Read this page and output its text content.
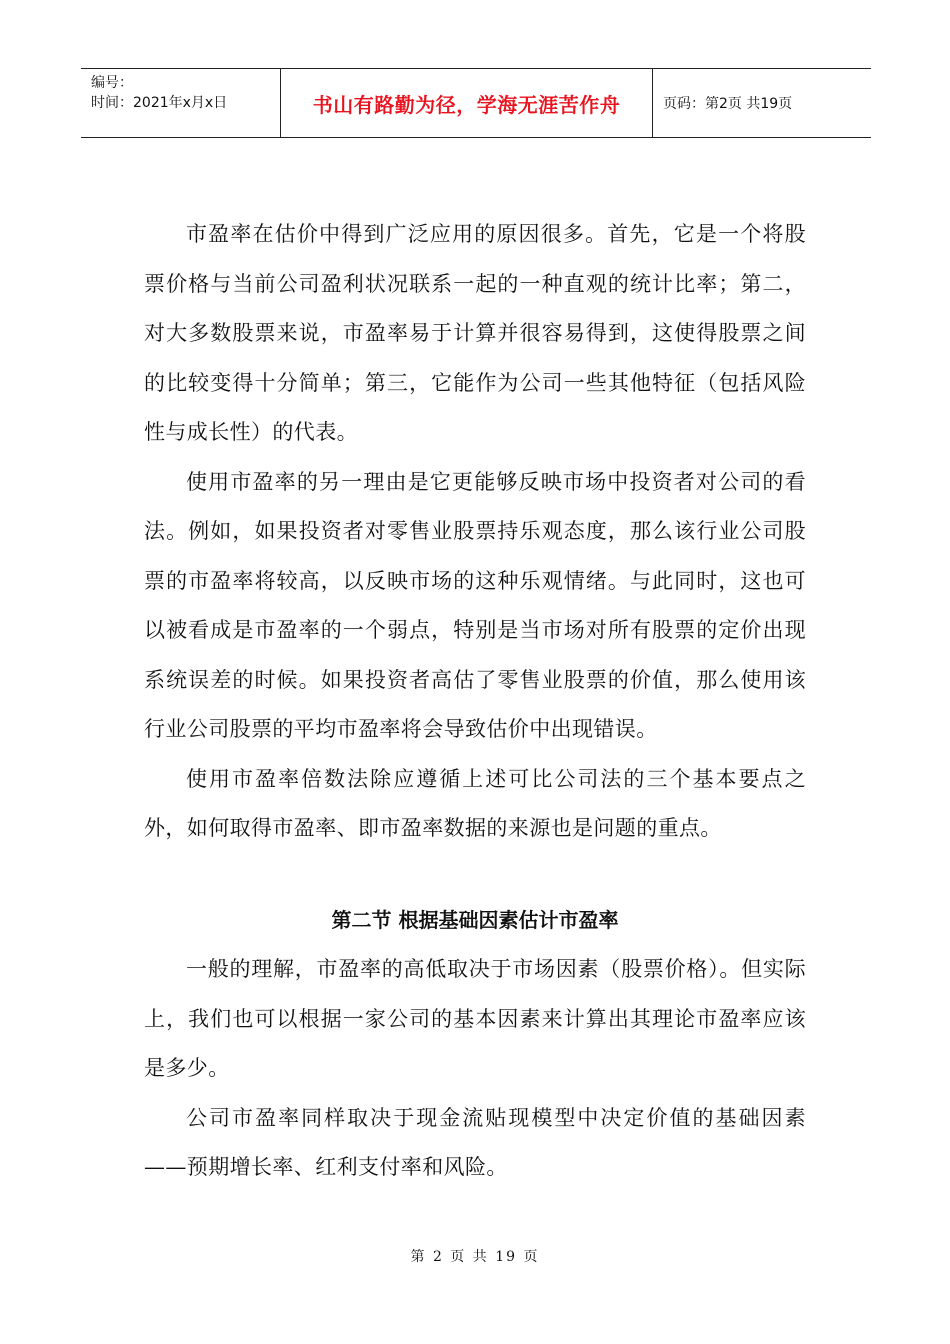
编号：
时间：2021年x月x日	书山有路勤为径，学海无涯苦作舟	页码：第2页 共19页

市盈率在估价中得到广泛应用的原因很多。首先，它是一个将股票价格与当前公司盈利状况联系一起的一种直观的统计比率；第二，对大多数股票来说，市盈率易于计算并很容易得到，这使得股票之间的比较变得十分简单；第三，它能作为公司一些其他特征（包括风险性与成长性）的代表。

使用市盈率的另一理由是它更能够反映市场中投资者对公司的看法。例如，如果投资者对零售业股票持乐观态度，那么该行业公司股票的市盈率将较高，以反映市场的这种乐观情绪。与此同时，这也可以被看成是市盈率的一个弱点，特别是当市场对所有股票的定价出现系统误差的时候。如果投资者高估了零售业股票的价值，那么使用该行业公司股票的平均市盈率将会导致估价中出现错误。

使用市盈率倍数法除应遵循上述可比公司法的三个基本要点之外，如何取得市盈率、即市盈率数据的来源也是问题的重点。

第二节 根据基础因素估计市盈率

一般的理解，市盈率的高低取决于市场因素（股票价格）。但实际上，我们也可以根据一家公司的基本因素来计算出其理论市盈率应该是多少。

公司市盈率同样取决于现金流贴现模型中决定价值的基础因素——预期增长率、红利支付率和风险。

第 2 页 共 19 页
